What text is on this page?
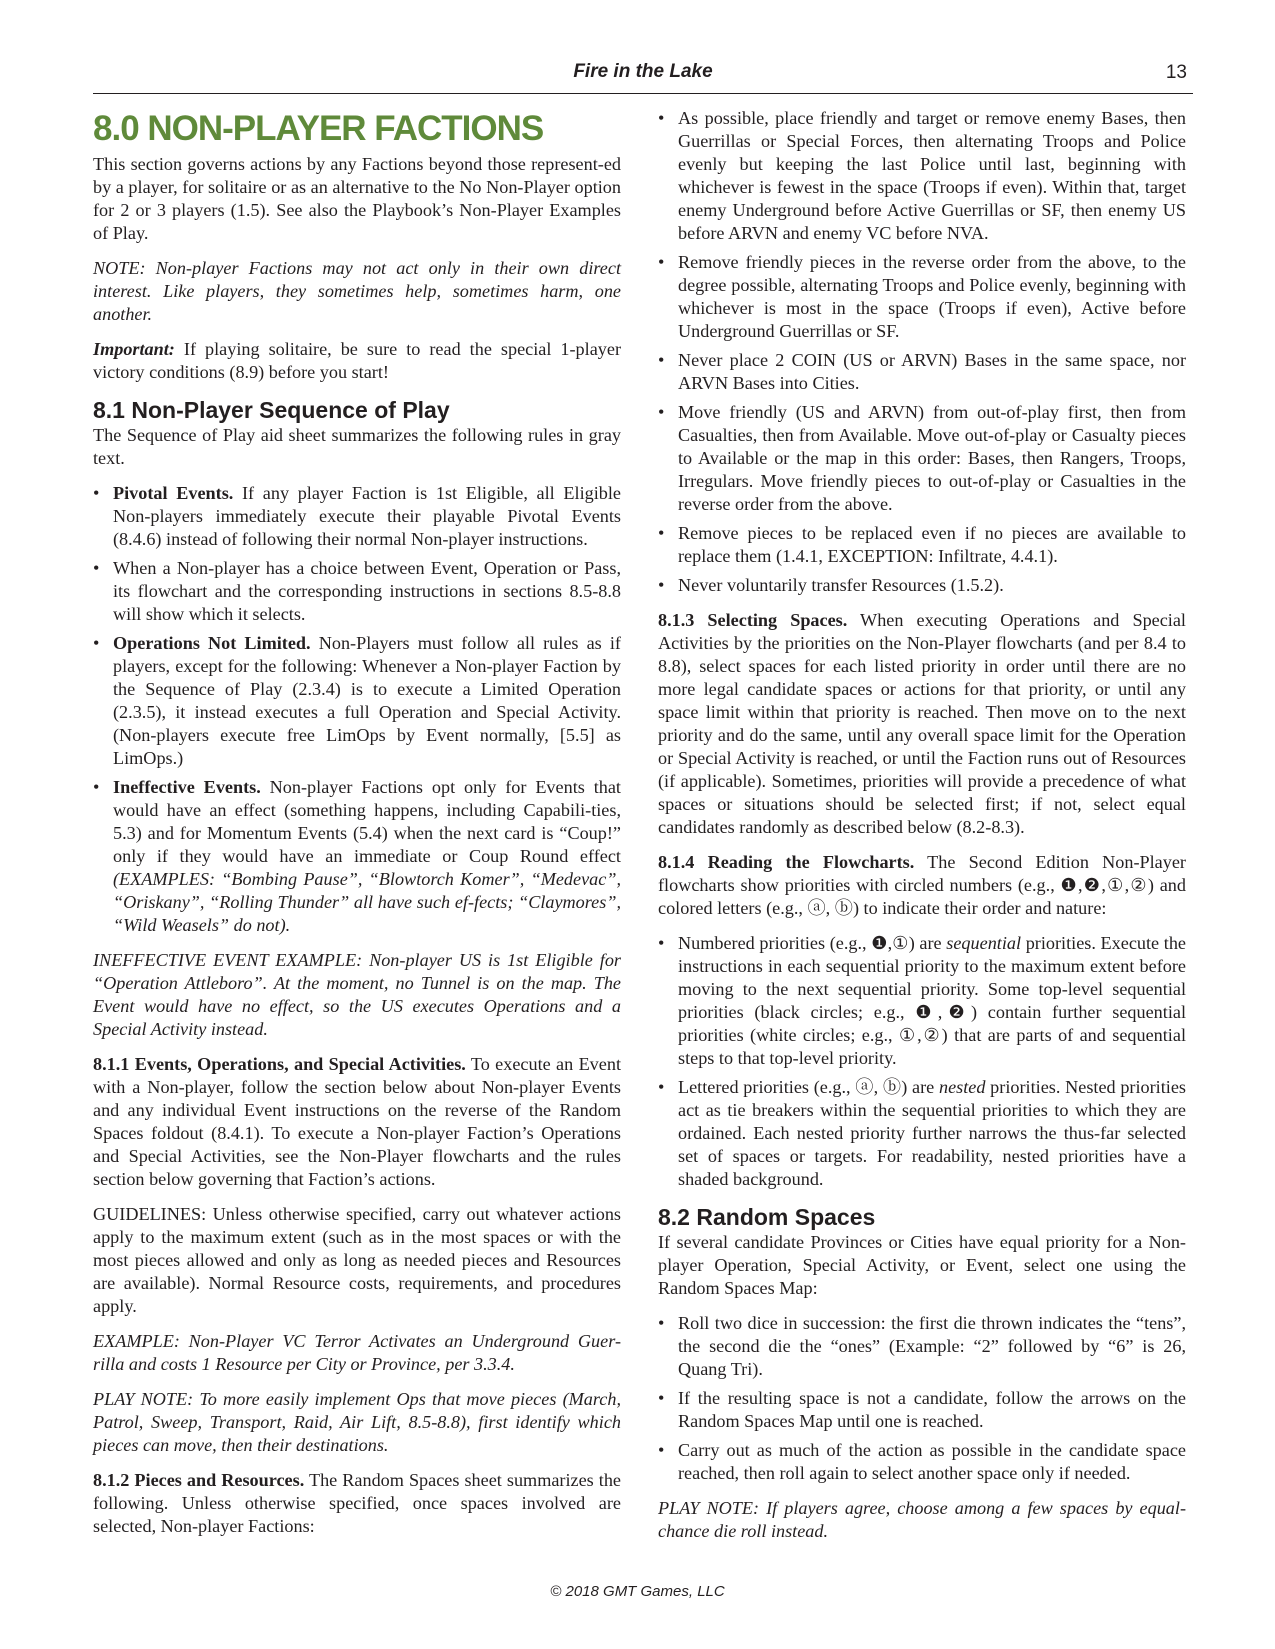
Fire in the Lake	13
8.0 NON-PLAYER FACTIONS

This section governs actions by any Factions beyond those represent-ed by a player, for solitaire or as an alternative to the No Non-Player option for 2 or 3 players (1.5). See also the Playbook’s Non-Player Examples of Play.

NOTE: Non-player Factions may not act only in their own direct interest. Like players, they sometimes help, sometimes harm, one another.

Important: If playing solitaire, be sure to read the special 1-player victory conditions (8.9) before you start!

8.1 Non-Player Sequence of Play

The Sequence of Play aid sheet summarizes the following rules in gray text.

• Pivotal Events. If any player Faction is 1st Eligible, all Eligible Non-players immediately execute their playable Pivotal Events (8.4.6) instead of following their normal Non-player instructions.
• When a Non-player has a choice between Event, Operation or Pass, its flowchart and the corresponding instructions in sections 8.5-8.8 will show which it selects.
• Operations Not Limited. Non-Players must follow all rules as if players, except for the following: Whenever a Non-player Faction by the Sequence of Play (2.3.4) is to execute a Limited Operation (2.3.5), it instead executes a full Operation and Special Activity. (Non-players execute free LimOps by Event normally, [5.5] as LimOps.)
• Ineffective Events. Non-player Factions opt only for Events that would have an effect (something happens, including Capabili-ties, 5.3) and for Momentum Events (5.4) when the next card is “Coup!” only if they would have an immediate or Coup Round effect (EXAMPLES: “Bombing Pause”, “Blowtorch Komer”, “Medevac”, “Oriskany”, “Rolling Thunder” all have such ef-fects; “Claymores”, “Wild Weasels” do not).

INEFFECTIVE EVENT EXAMPLE: Non-player US is 1st Eligible for “Operation Attleboro”. At the moment, no Tunnel is on the map. The Event would have no effect, so the US executes Operations and a Special Activity instead.

8.1.1 Events, Operations, and Special Activities. To execute an Event with a Non-player, follow the section below about Non-player Events and any individual Event instructions on the reverse of the Random Spaces foldout (8.4.1). To execute a Non-player Faction’s Operations and Special Activities, see the Non-Player flowcharts and the rules section below governing that Faction’s actions.

GUIDELINES: Unless otherwise specified, carry out whatever actions apply to the maximum extent (such as in the most spaces or with the most pieces allowed and only as long as needed pieces and Resources are available). Normal Resource costs, requirements, and procedures apply.

EXAMPLE: Non-Player VC Terror Activates an Underground Guer-rilla and costs 1 Resource per City or Province, per 3.3.4.

PLAY NOTE: To more easily implement Ops that move pieces (March, Patrol, Sweep, Transport, Raid, Air Lift, 8.5-8.8), first identify which pieces can move, then their destinations.

8.1.2 Pieces and Resources. The Random Spaces sheet summarizes the following. Unless otherwise specified, once spaces involved are selected, Non-player Factions:

• As possible, place friendly and target or remove enemy Bases, then Guerrillas or Special Forces, then alternating Troops and Police evenly but keeping the last Police until last, beginning with whichever is fewest in the space (Troops if even). Within that, target enemy Underground before Active Guerrillas or SF, then enemy US before ARVN and enemy VC before NVA.
• Remove friendly pieces in the reverse order from the above, to the degree possible, alternating Troops and Police evenly, beginning with whichever is most in the space (Troops if even), Active before Underground Guerrillas or SF.
• Never place 2 COIN (US or ARVN) Bases in the same space, nor ARVN Bases into Cities.
• Move friendly (US and ARVN) from out-of-play first, then from Casualties, then from Available. Move out-of-play or Casualty pieces to Available or the map in this order: Bases, then Rangers, Troops, Irregulars. Move friendly pieces to out-of-play or Casualties in the reverse order from the above.
• Remove pieces to be replaced even if no pieces are available to replace them (1.4.1, EXCEPTION: Infiltrate, 4.4.1).
• Never voluntarily transfer Resources (1.5.2).

8.1.3 Selecting Spaces. When executing Operations and Special Activities by the priorities on the Non-Player flowcharts (and per 8.4 to 8.8), select spaces for each listed priority in order until there are no more legal candidate spaces or actions for that priority, or until any space limit within that priority is reached. Then move on to the next priority and do the same, until any overall space limit for the Operation or Special Activity is reached, or until the Faction runs out of Resources (if applicable). Sometimes, priorities will provide a precedence of what spaces or situations should be selected first; if not, select equal candidates randomly as described below (8.2-8.3).

8.1.4 Reading the Flowcharts. The Second Edition Non-Player flowcharts show priorities with circled numbers (e.g., ❶,❷,①,②) and colored letters (e.g., ⓐ, ⓑ) to indicate their order and nature:

• Numbered priorities (e.g., ❶,①) are sequential priorities. Execute the instructions in each sequential priority to the maximum extent before moving to the next sequential priority. Some top-level sequential priorities (black circles; e.g., ❶,❷) contain further sequential priorities (white circles; e.g., ①,②) that are parts of and sequential steps to that top-level priority.
• Lettered priorities (e.g., ⓐ, ⓑ) are nested priorities. Nested priorities act as tie breakers within the sequential priorities to which they are ordained. Each nested priority further narrows the thus-far selected set of spaces or targets. For readability, nested priorities have a shaded background.
8.2 Random Spaces

If several candidate Provinces or Cities have equal priority for a Non-player Operation, Special Activity, or Event, select one using the Random Spaces Map:

• Roll two dice in succession: the first die thrown indicates the “tens”, the second die the “ones” (Example: “2” followed by “6” is 26, Quang Tri).
• If the resulting space is not a candidate, follow the arrows on the Random Spaces Map until one is reached.
• Carry out as much of the action as possible in the candidate space reached, then roll again to select another space only if needed.

PLAY NOTE: If players agree, choose among a few spaces by equal-chance die roll instead.

© 2018 GMT Games, LLC
